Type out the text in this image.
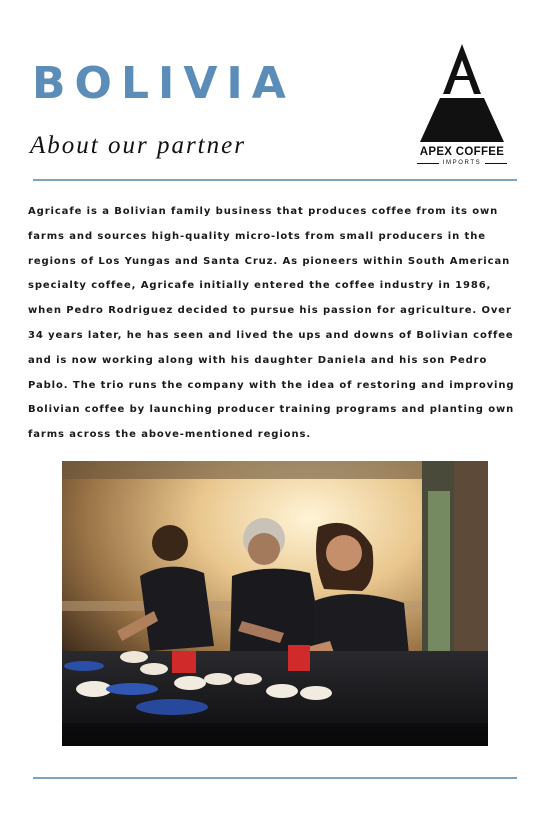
BOLIVIA
About our partner	APEX COFFEE
IMPORTS

Agricafe is a Bolivian family business that produces coffee from its own farms and sources high-quality micro-lots from small producers in the regions of Los Yungas and Santa Cruz. As pioneers within South American specialty coffee, Agricafe initially entered the coffee industry in 1986, when Pedro Rodriguez decided to pursue his passion for agriculture. Over 34 years later, he has seen and lived the ups and downs of Bolivian coffee and is now working along with his daughter Daniela and his son Pedro Pablo. The trio runs the company with the idea of restoring and improving Bolivian coffee by launching producer training programs and planting own farms across the above-mentioned regions.
